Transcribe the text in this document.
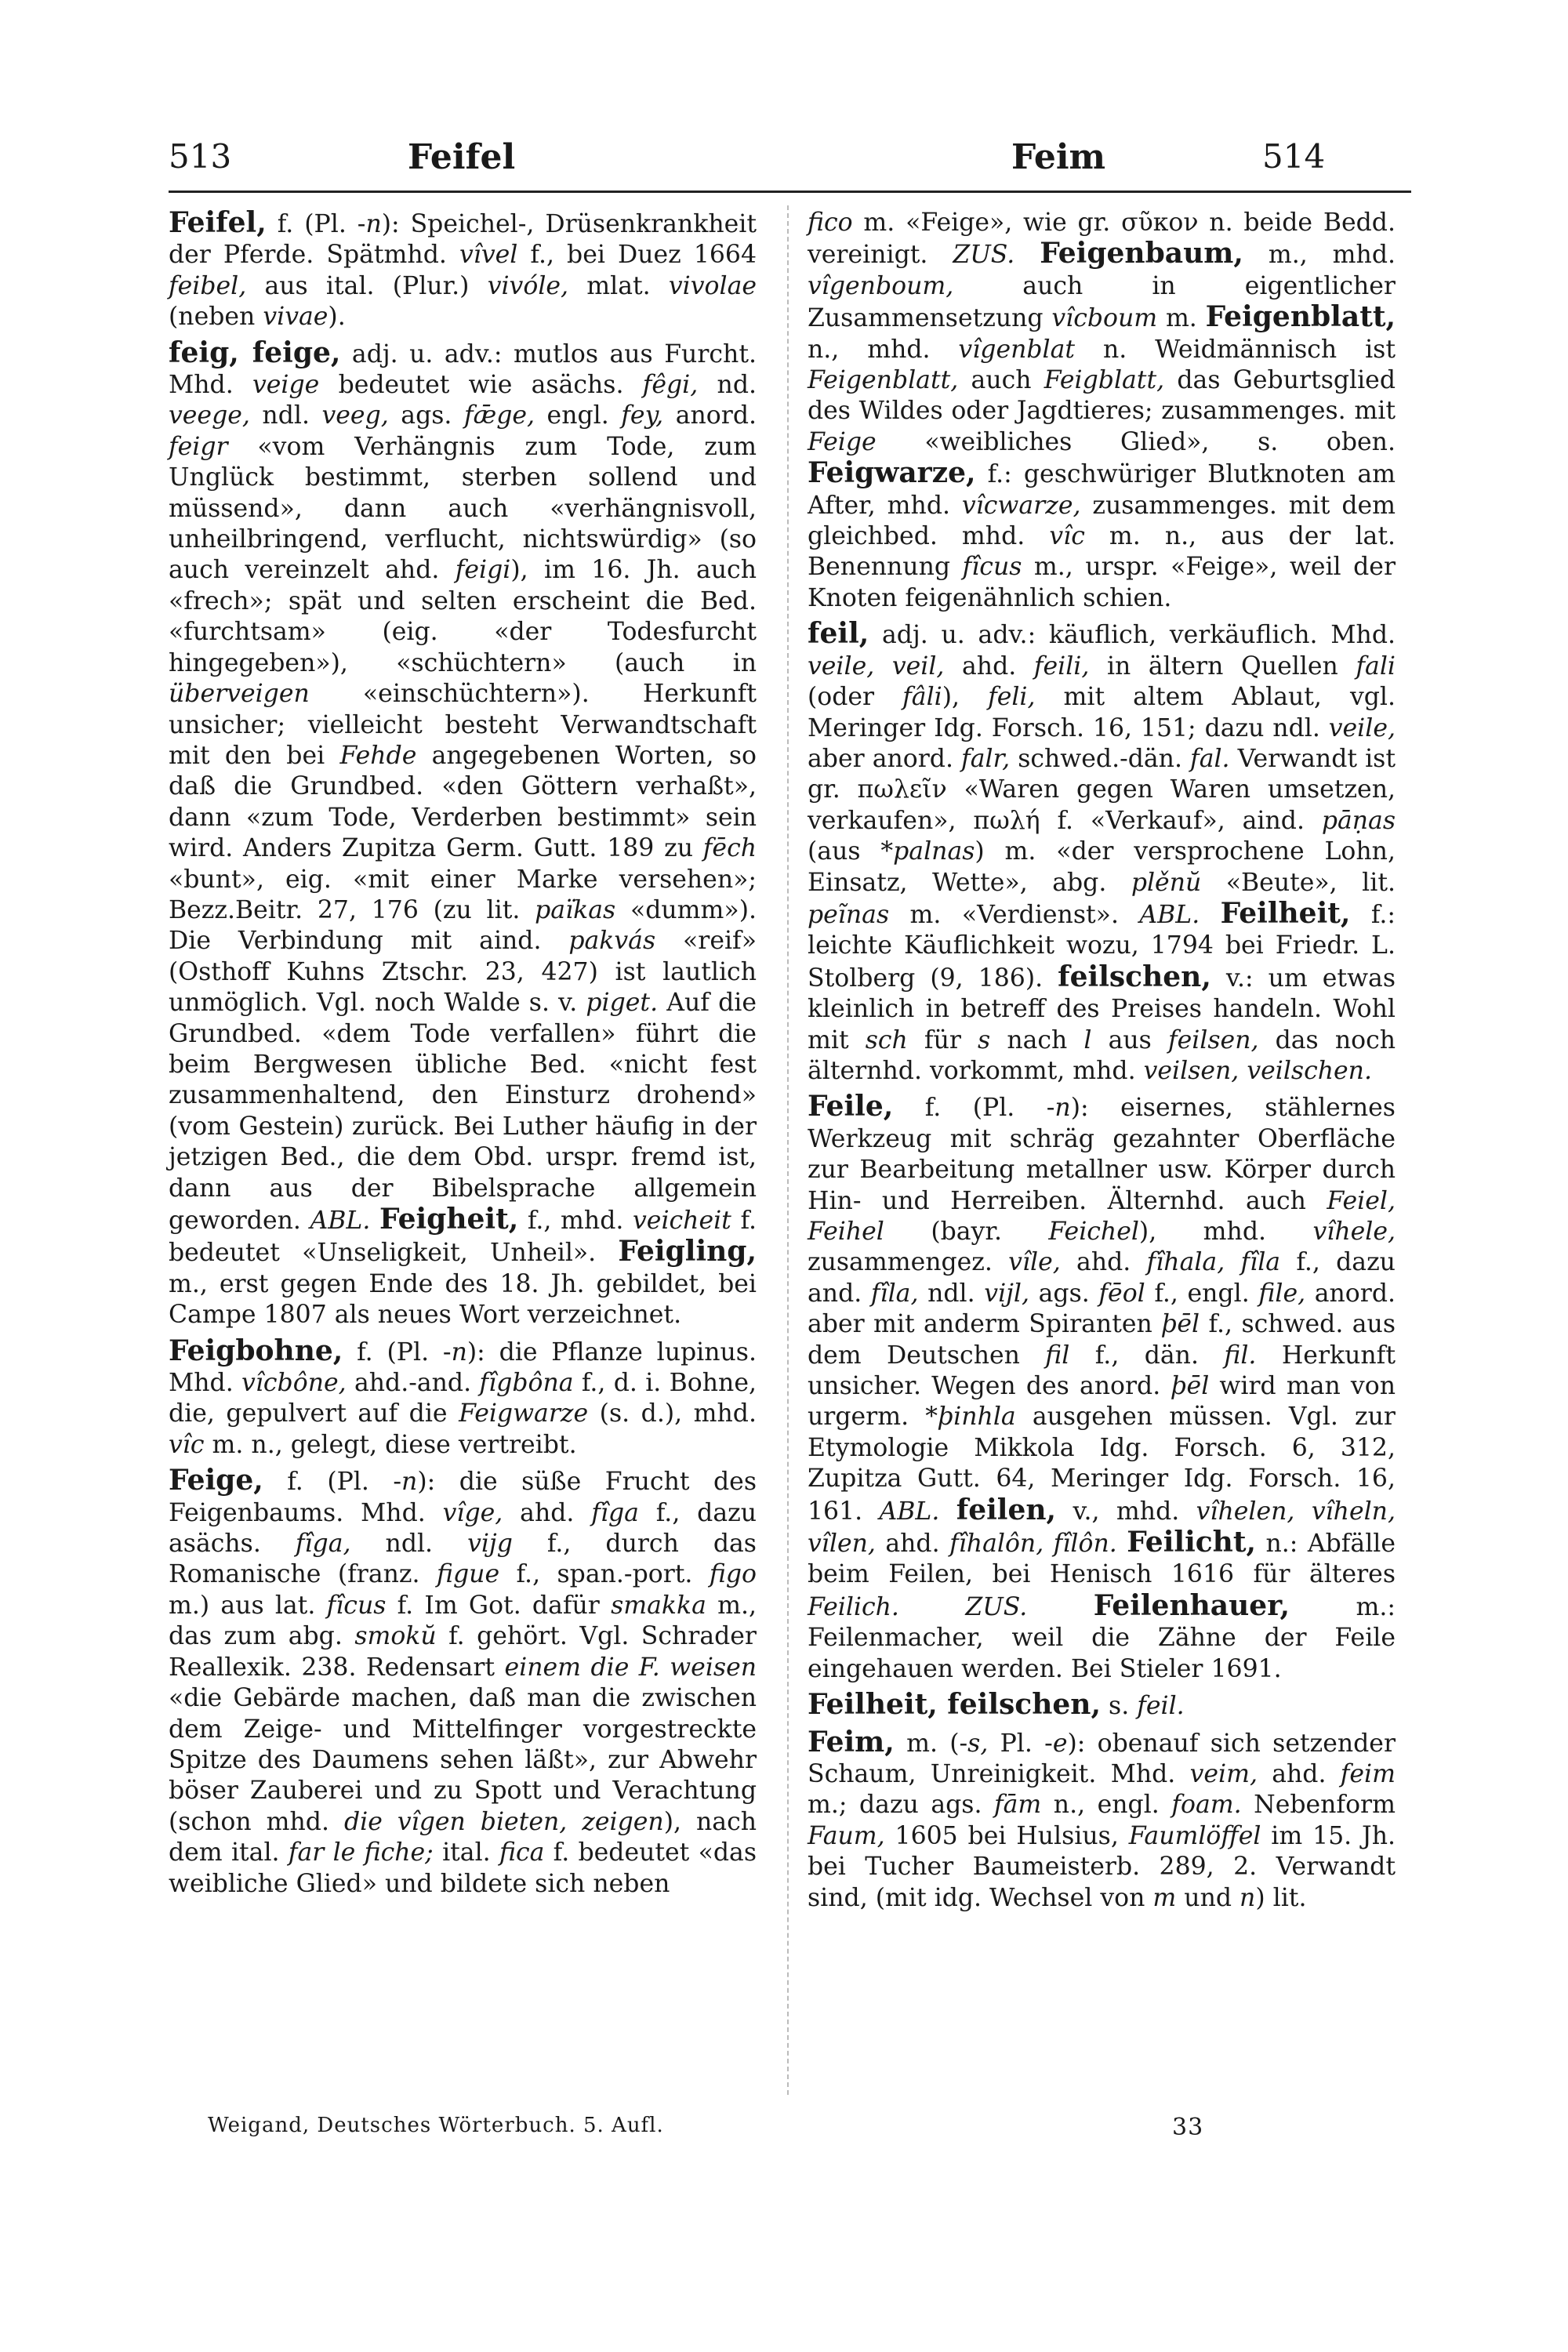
513	Feifel	Feim	514

Feifel, f. (Pl. -n): Speichel-, Drüsenkrankheit der Pferde. Spätmhd. vîvel f., bei Duez 1664 feibel, aus ital. (Plur.) vivóle, mlat. vivolae (neben vivae).

feig, feige, adj. u. adv.: mutlos aus Furcht. Mhd. veige bedeutet wie asächs. fêgi, nd. veege, ndl. veeg, ags. fǣge, engl. fey, anord. feigr «vom Verhängnis zum Tode, zum Unglück bestimmt, sterben sollend und müssend», dann auch «verhängnisvoll, unheilbringend, verflucht, nichtswürdig» (so auch vereinzelt ahd. feigi), im 16. Jh. auch «frech»; spät und selten erscheint die Bed. «furchtsam» (eig. «der Todesfurcht hingegeben»), «schüchtern» (auch in überveigen «einschüchtern»). Herkunft unsicher; vielleicht besteht Verwandtschaft mit den bei Fehde angegebenen Worten, so daß die Grundbed. «den Göttern verhaßt», dann «zum Tode, Verderben bestimmt» sein wird. Anders Zupitza Germ. Gutt. 189 zu fēch «bunt», eig. «mit einer Marke versehen»; Bezz.Beitr. 27, 176 (zu lit. païkas «dumm»). Die Verbindung mit aind. pakvás «reif» (Osthoff Kuhns Ztschr. 23, 427) ist lautlich unmöglich. Vgl. noch Walde s. v. piget. Auf die Grundbed. «dem Tode verfallen» führt die beim Bergwesen übliche Bed. «nicht fest zusammenhaltend, den Einsturz drohend» (vom Gestein) zurück. Bei Luther häufig in der jetzigen Bed., die dem Obd. urspr. fremd ist, dann aus der Bibelsprache allgemein geworden. ABL. Feigheit, f., mhd. veicheit f. bedeutet «Unseligkeit, Unheil». Feigling, m., erst gegen Ende des 18. Jh. gebildet, bei Campe 1807 als neues Wort verzeichnet.

Feigbohne, f. (Pl. -n): die Pflanze lupinus. Mhd. vîcbône, ahd.-and. fîgbôna f., d. i. Bohne, die, gepulvert auf die Feigwarze (s. d.), mhd. vîc m. n., gelegt, diese vertreibt.

Feige, f. (Pl. -n): die süße Frucht des Feigenbaums. Mhd. vîge, ahd. fîga f., dazu asächs. fîga, ndl. vijg f., durch das Romanische (franz. figue f., span.-port. figo m.) aus lat. fîcus f. Im Got. dafür smakka m., das zum abg. smokŭ f. gehört. Vgl. Schrader Reallexik. 238. Redensart einem die F. weisen «die Gebärde machen, daß man die zwischen dem Zeige- und Mittelfinger vorgestreckte Spitze des Daumens sehen läßt», zur Abwehr böser Zauberei und zu Spott und Verachtung (schon mhd. die vîgen bieten, zeigen), nach dem ital. far le fiche; ital. fica f. bedeutet «das weibliche Glied» und bildete sich neben

fico m. «Feige», wie gr. σῦκον n. beide Bedd. vereinigt. ZUS. Feigenbaum, m., mhd. vîgenboum, auch in eigentlicher Zusammensetzung vîcboum m. Feigenblatt, n., mhd. vîgenblat n. Weidmännisch ist Feigenblatt, auch Feigblatt, das Geburtsglied des Wildes oder Jagdtieres; zusammenges. mit Feige «weibliches Glied», s. oben. Feigwarze, f.: geschwüriger Blutknoten am After, mhd. vîcwarze, zusammenges. mit dem gleichbed. mhd. vîc m. n., aus der lat. Benennung fîcus m., urspr. «Feige», weil der Knoten feigenähnlich schien.

feil, adj. u. adv.: käuflich, verkäuflich. Mhd. veile, veil, ahd. feili, in ältern Quellen fali (oder fâli), feli, mit altem Ablaut, vgl. Meringer Idg. Forsch. 16, 151; dazu ndl. veile, aber anord. falr, schwed.-dän. fal. Verwandt ist gr. πωλεῖν «Waren gegen Waren umsetzen, verkaufen», πωλή f. «Verkauf», aind. pāṇas (aus *palnas) m. «der versprochene Lohn, Einsatz, Wette», abg. plěnŭ «Beute», lit. peĩnas m. «Verdienst». ABL. Feilheit, f.: leichte Käuflichkeit wozu, 1794 bei Friedr. L. Stolberg (9, 186). feilschen, v.: um etwas kleinlich in betreff des Preises handeln. Wohl mit sch für s nach l aus feilsen, das noch älternhd. vorkommt, mhd. veilsen, veilschen.

Feile, f. (Pl. -n): eisernes, stählernes Werkzeug mit schräg gezahnter Oberfläche zur Bearbeitung metallner usw. Körper durch Hin- und Herreiben. Älternhd. auch Feiel, Feihel (bayr. Feichel), mhd. vîhele, zusammengez. vîle, ahd. fîhala, fîla f., dazu and. fîla, ndl. vijl, ags. fēol f., engl. file, anord. aber mit anderm Spiranten þēl f., schwed. aus dem Deutschen fil f., dän. fil. Herkunft unsicher. Wegen des anord. þēl wird man von urgerm. *þinhla ausgehen müssen. Vgl. zur Etymologie Mikkola Idg. Forsch. 6, 312, Zupitza Gutt. 64, Meringer Idg. Forsch. 16, 161. ABL. feilen, v., mhd. vîhelen, vîheln, vîlen, ahd. fîhalôn, fîlôn. Feilicht, n.: Abfälle beim Feilen, bei Henisch 1616 für älteres Feilich.	ZUS. Feilenhauer, m.: Feilenmacher, weil die Zähne der Feile eingehauen werden. Bei Stieler 1691.

Feilheit, feilschen, s. feil.

Feim, m. (-s, Pl. -e): obenauf sich setzender Schaum, Unreinigkeit. Mhd. veim, ahd. feim m.; dazu ags. fām n., engl. foam. Nebenform Faum, 1605 bei Hulsius, Faumlöffel im 15. Jh. bei Tucher Baumeisterb. 289, 2. Verwandt sind, (mit idg. Wechsel von m und n) lit.

Weigand, Deutsches Wörterbuch. 5. Aufl.	33
